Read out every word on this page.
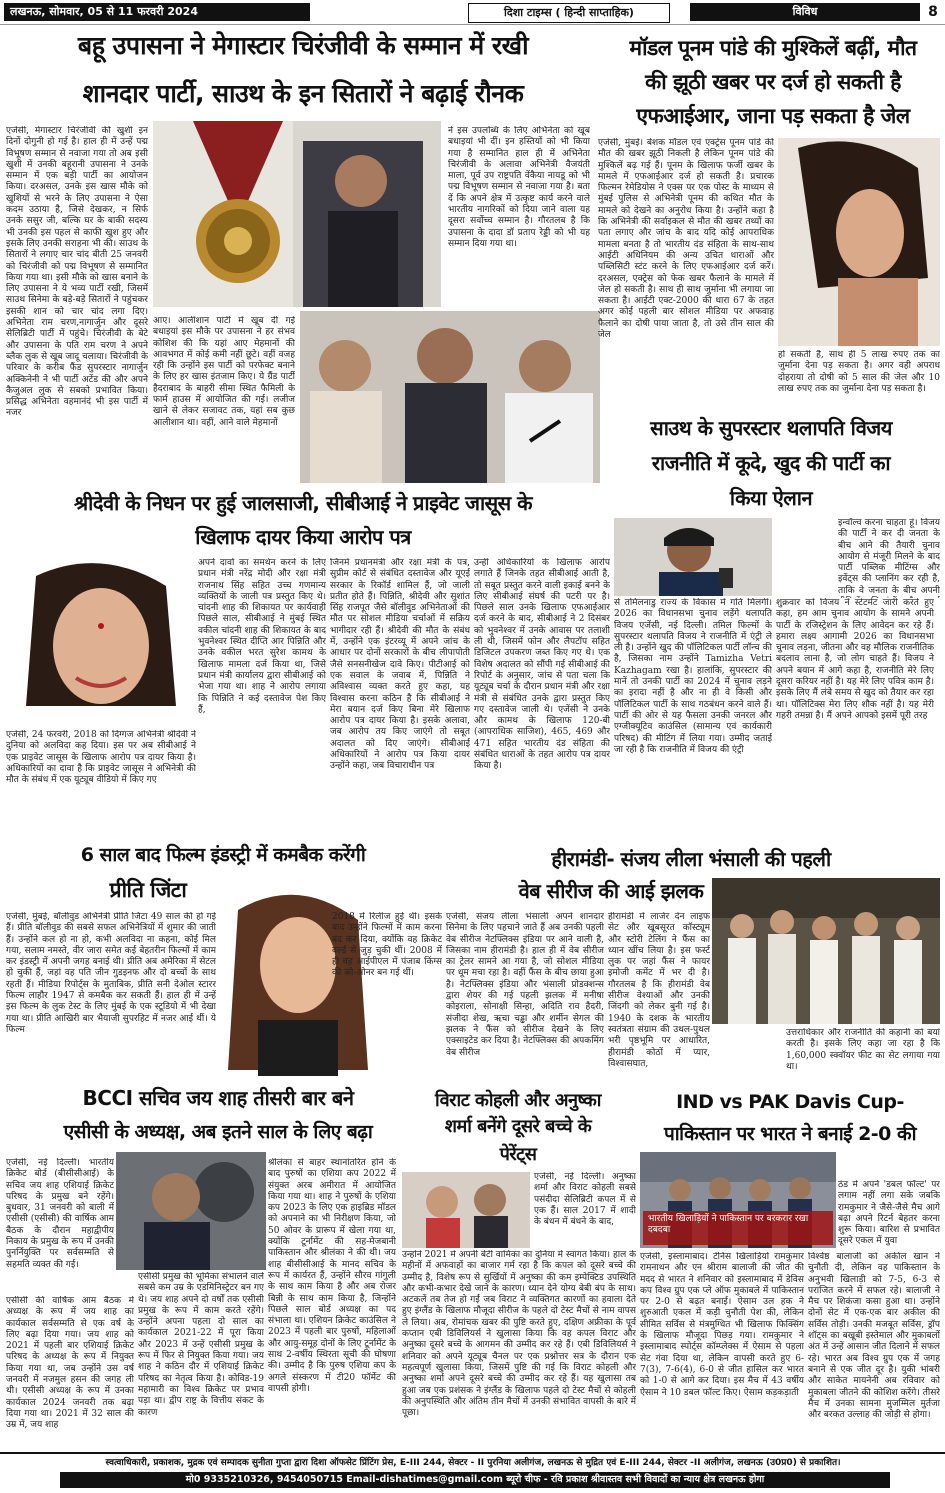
लखनऊ, सोमवार, 05 से 11 फरवरी 2024	दिशा टाइम्स ( हिन्दी साप्ताहिक)	विविध	8
बहू उपासना ने मेगास्टार चिरंजीवी के सम्मान में रखी
शानदार पार्टी, साउथ के इन सितारों ने बढ़ाई रौनक
एजेंसी, मेगास्टार चिरंजीवी की खुशी इन दिनों दोगुनी हो गई है। हाल ही में उन्हें पद्म विभूषण सम्मान से नवाजा गया तो अब इसी खुशी में उनकी बहूरानी उपासना ने उनके सम्मान में एक बड़ी पार्टी का आयोजन किया। दरअसल, उनके इस खास मौके को खुशियों से भरने के लिए उपासना ने ऐसा कदम उठाया है, जिसे देखकर, न सिर्फ उनके ससुर जी, बल्कि घर के बाकी सदस्य भी उनकी इस पहल से काफी खुश हुए और इसके लिए उनकी सराहना भी की। साउथ के सितारों ने लगाए चार चांद बीती 25 जनवरी को चिरंजीवी को पद्म विभूषण से सम्मानित किया गया था। इसी मौके को खास बनाने के लिए उपासना ने ये भव्य पार्टी रखी, जिसमें साउथ सिनेमा के बड़े-बड़े सितारों ने पहुंचकर इसकी शान को चार चांद लगा दिए। अभिनेता राम चरण,नागार्जुन और दूसरे सेलिब्रिटी पार्टी में पहुंचे। चिरंजीवी के बेटे और उपासना के पति राम चरण ने अपने ब्लैक लुक से खूब जादू चलाया। चिरंजीवी के परिवार के करीब फैंड सुपरस्टार नागार्जुन अक्किनेनी ने भी पार्टी अटेंड की और अपने कैजुअल लुक से सबको प्रभावित किया। प्रसिद्ध अभिनेता वहमानंदं भी इस पार्टी में नजर
ने इस उपलब्धि के लिए अभिनेता को खूब बधाइयां भी दीं। इन हस्तियों को भी किया गया है सम्मानित हाल ही में अभिनेता चिरंजीवी के अलावा अभिनेत्री वैजयंती माला, पूर्व उप राष्ट्रपति वेंकैया नायडू को भी पद्म विभूषण सम्मान से नवाजा गया है। बता दें कि अपने क्षेत्र में उत्कृष्ट कार्य करने वाले भारतीय नागरिकों को दिया जाने वाला यह दूसरा सर्वोच्च सम्मान है। गौरतलब है कि उपासना के दादा डॉ प्रताप रेड्डी को भी यह सम्मान दिया गया था।
आए। आलीशान पार्टी में खूब दी गई बधाइयां इस मौके पर उपासना ने हर संभव कोशिश की कि यहां आए मेहमानों की आवभगत में कोई कमी नहीं छूटे। वहीं वजह रही कि उन्होंने इस पार्टी को परफेक्ट बनाने के लिए हर खास इंतजाम किए। ये ग्रैंड पार्टी हैदराबाद के बाहरी सीमा स्थित फैमिली के फार्म हाउस में आयोजित की गई। लजीज खाने से लेकर सजावट तक, यहां सब कुछ आलीशान था। वहीं, आने वाले मेहमानों
मॉडल पूनम पांडे की मुश्किलें बढ़ीं, मौत
की झूठी खबर पर दर्ज हो सकती है
एफआईआर, जाना पड़ सकता है जेल
एजेंसी, मुंबई। बेशक मॉडल एवं एक्ट्रेस पूनम पांडे की मौत की खबर झूठी निकली है लेकिन पूनम पांडे की मुश्किलें बढ़ गई हैं। पूनम के खिलाफ फर्जी खबर के मामले में एफआईआर दर्ज हो सकती है। प्रचारक फिल्मन रेमेडियोस ने एक्स पर एक पोस्ट के माध्यम से मुंबई पुलिस से अभिनेत्री पूनम की कथित मौत के मामले को देखने का अनुरोध किया है। उन्होंने कहा है कि अभिनेत्री की सर्वाइकल से मौत की खबर तथ्यों का पता लगाए और जांच के बाद यदि कोई आपराधिक मामला बनता है तो भारतीय दंड संहिता के साथ-साथ आईटी अधिनियम की अन्य उचित धाराओं और पब्लिसिटी स्टंट करने के लिए एफआईआर दर्ज करें। दरअसल, एक्ट्रेस को फेक खबर फैलाने के मामले में जेल हो सकती है। साथ ही साथ जुर्माना भी लगाया जा सकता है। आईटी एक्ट-2000 की धारा 67 के तहत अगर कोई पहली बार सोशल मीडिया पर अफवाह फैलाने का दोषी पाया जाता है, तो उसे तीन साल की जेल
हो सकती है, साथ ही 5 लाख रुपए तक का जुर्माना देना पड़ सकता है। अगर वही अपराध दोहराया तो दोषी को 5 साल की जेल और 10 लाख रुपए तक का जुर्माना देना पड़ सकता है।
साउथ के सुपरस्टार थलापति विजय
राजनीति में कूदे, खुद की पार्टी का
किया ऐलान
से तमिलनाडु राज्य के विकास में गति मिलगी। 2026 का विधानसभा चुनाव लड़ेंगे थलापति विजय एजेंसी, नई दिल्ली। तमिल फिल्मों के सुपरस्टार थलापति विजय ने राजनीति में एंट्री ले ली है। उन्होंने खुद की पॉलिटिकल पार्टी लॉन्च की है, जिसका नाम उन्होंने Tamizha Vetri Kazhagam रखा है। हालांकि, सुपरस्टार की मानें तो उनकी पार्टी का 2024 में चुनाव लड़ने का इरादा नहीं है और ना ही वे किसी और पॉलिटिकल पार्टी के साथ गठबंधन करने वाले हैं। पार्टी की ओर से यह फैसला उनकी जनरल और एग्जीक्यूटिव काउंसिल (सामान्य एवं कार्यकारी परिषद) की मीटिंग में लिया गया। उम्मीद जताई जा रही है कि राजनीति में विजय की एंट्री
शुक्रवार को विजय ने स्टेटमेंट जारी करते हुए कहा, हम आम चुनाव आयोग के सामने अपनी पार्टी के रजिस्ट्रेशन के लिए आवेदन कर रहे हैं। हमारा लक्ष्य आगामी 2026 का विधानसभा चुनाव लड़ना, जीतना और वह मौलिक राजनीतिक बदलाव लाना है, जो लोग चाहते हैं। विजय ने अपने बयान में आगे कहा है, राजनीति मेरे लिए दूसरा करियर नहीं है। यह मेरे लिए पवित्र काम है। इसके लिए मैं लंबे समय से खुद को तैयार कर रहा था। पॉलिटिक्स मेरा लिए शौक नहीं है। यह मेरी गहरी तमन्ना है। मैं अपने आपको इसमें पूरी तरह
इन्वॉल्व करना चाहता हूं। विजय की पार्टी ने कर दी जनता के बीच आने की तैयारी चुनाव आयोग से मंजूरी मिलने के बाद पार्टी पब्लिक मीटिंग्स और इवेंट्स की प्लानिंग कर रही है, ताकि वे जनता के बीच अपनी
श्रीदेवी के निधन पर हुई जालसाजी, सीबीआई ने प्राइवेट जासूस के
खिलाफ दायर किया आरोप पत्र
एजेंसी, 24 फरवरी, 2018 को दिग्गज अभिनेत्री श्रीदेवी ने दुनिया को अलविदा कह दिया। इस पर अब सीबीआई ने एक प्राइवेट जासूस के खिलाफ आरोप पत्र दायर किया है। अधिकारियों का दावा है कि प्राइवेट जासूस ने अभिनेत्री की मौत के संबंध में एक यूट्यूब वीडियो में किए गए
अपने दावों का समर्थन करने के लिए प्रधान मंत्री नरेंद्र मोदी और रक्षा मंत्री राजनाथ सिंह सहित उच्च गणमान्य व्यक्तियों के जाली पत्र प्रस्तुत किए थे। चांदनी शाह की शिकायत पर कार्यवाही पिछले साल, सीबीआई ने मुंबई स्थित वकील चांदनी शाह की शिकायत के बाद भुवनेश्वर स्थित दीप्ति आर पिन्निति और उनके वकील भरत सुरेश कामथ के खिलाफ मामला दर्ज किया था, जिसे प्रधान मंत्री कार्यालय द्वारा सीबीआई को भेजा गया था। शाह ने आरोप लगाया कि पिन्निति ने कई दस्तावेज पेश किए हैं,
जिनमें प्रधानमंत्री और रक्षा मंत्री के पत्र, सुप्रीम कोर्ट से संबंधित दस्तावेज और यूएई सरकार के रिकॉर्ड शामिल हैं, जो जाली प्रतीत होते हैं। पिन्निति, श्रीदेवी और सुशांत सिंह राजपूत जैसे बॉलीवुड अभिनेताओं की मौत पर सोशल मीडिया चर्चाओं में सक्रिय भागीदार रही हैं। श्रीदेवी की मौत के संबंध में, उन्होंने एक इंटरव्यू में अपने जांच के आधार पर दोनों सरकारों के बीच लीपापोती जैसे सनसनीखेज दावे किए। पीटीआई को एक सवाल के जवाब में, पिन्निति ने अविश्वास व्यक्त करते हुए कहा, यह विश्वास करना कठिन है कि सीबीआई ने मेरा बयान दर्ज किए बिना मेरे खिलाफ आरोप पत्र दायर किया है। इसके अलावा, जब आरोप तय किए जाएंगे तो सबूत अदालत को दिए जाएंगे। सीबीआई अधिकारियों ने आरोप पत्र किया दायर उन्होंने कहा, जब विचाराधीन पत्र
उन्हीं अधिकारियों के खिलाफ आरोप लगाते हैं जिनके तहत सीबीआई आती है, तो सबूत प्रस्तुत करने वाली इकाई बनने के लिए सीबीआई संघर्ष की पटरी पर है। पिछले साल उनके खिलाफ एफआईआर दर्ज करने के बाद, सीबीआई ने 2 दिसंबर को भुवनेश्वर में उनके आवास पर तलाशी ली थी, जिसमें फोन और लैपटॉप सहित डिजिटल उपकरण जब्त किए गए थे। एक विशेष अदालत को सौंपी गई सीबीआई की रिपोर्ट के अनुसार, जांच से पता चला कि यूट्यूब चर्चा के दौरान प्रधान मंत्री और रक्षा मंत्री से संबंधित उनके द्वारा प्रस्तुत किए गए दस्तावेज जाली थे। एजेंसी ने उनके और कामथ के खिलाफ 120-बी (आपराधिक साजिश), 465, 469 और 471 सहित भारतीय दंड संहिता की संबंधित धाराओं के तहत आरोप पत्र दायर किया है।
6 साल बाद फिल्म इंडस्ट्री में कमबैक करेंगी
प्रीति जिंटा
एजेंसी, मुंबई, बॉलीवुड अभिनेत्री प्रीति जिंटा 49 साल की हो गई हैं। प्रीति बॉलीवुड की सबसे सफल अभिनेत्रियों में शुमार की जाती हैं। उन्होंने कल हो ना हो, कभी अलविदा ना कहना, कोई मिल गया, सलाम नमस्ते, वीर जारा समेत कई बेहतरीन फिल्मों में काम कर इंडस्ट्री में अपनी जगह बनाई थी। प्रीति अब अमेरिका में सेटल हो चुकी हैं, जहां वह पति जीन गुडइनफ और दो बच्चों के साथ रहती हैं। मीडिया रिपोर्ट्स के मुताबिक, प्रीति सनी देओल स्टारर फिल्म लाहौर 1947 से कमबैक कर सकती हैं। हाल ही में उन्हें इस फिल्म के लुक टेस्ट के लिए मुंबई के एक स्टूडियो में भी देखा गया था। प्रीति आखिरी बार भैयाजी सुपरहिट में नजर आई थीं। ये फिल्म
2018 में रिलीज हुई थी। इसके बाद उन्होंने फिल्मों में काम करना बंद कर दिया, क्योंकि वह क्रिकेट वर्ल्ड से जुड़ चुकी थीं। 2008 में ही वह आईपीएल में पंजाब किंग्स की को-ओनर बन गई थीं।
हीरामंडी- संजय लीला भंसाली की पहली
वेब सीरीज की आई झलक
एजेंसी, संजय लीला भंसाली अपने शानदार सिनेमा के लिए पहचाने जाते हैं अब उनकी पहली वेब सीरीज नेटफ्लिक्स इंडिया पर आने वाली है, जिसका नाम हीरामंडी है। हाल ही में वेब सीरीज का ट्रेलर सामने आ गया है, जो सोशल मीडिया पर धूम मचा रहा है। वहीं फैंस के बीच छाया हुआ है। नेटफ्लिक्स इंडिया और भंसाली प्रोडक्शन्स द्वारा शेयर की गई पहली झलक में मनीषा कोइराला, सोनाक्षी सिन्हा, अदिति राव हैदरी, संजीदा शेख, ऋचा चड्ढा और शर्मीन सेगल की झलक ने फैंस को सीरीज देखने के लिए एक्साइटेड कर दिया है। नेटफ्लिक्स की अपकमिंग वेब सीरीज
हीरामंडी में लार्जर देन लाइफ सेट और खूबसूरत कॉस्ट्यूम और स्टोरी टेलिंग ने फैंस का ध्यान खींच लिया है। इस फर्स्ट लुक पर जहां फैंस ने फायर इमोजी कमेंट में भर दी है। गौरतलब है कि हीरामंडी वेब सीरीज वेश्याओं और उनकी जिंदगी को लेकर बुनी गई है। 1940 के दशक के भारतीय स्वतंत्रता संग्राम की उथल-पुथल भरी पृष्ठभूमि पर आधारित, हीरामंडी कोठों में प्यार, विश्वासघात,
उत्तराधिकार और राजनीति की कहानी को बयां करती है। इसके लिए कहा जा रहा है कि 1,60,000 स्क्वॉयर फीट का सेट लगाया गया था।
BCCI सचिव जय शाह तीसरी बार बने
एसीसी के अध्यक्ष, अब इतने साल के लिए बढ़ा
एजेंसी, नई दिल्ली। भारतीय क्रिकेट बोर्ड (बीसीसीआई) के सचिव जय शाह एशियाई क्रिकेट परिषद के प्रमुख बने रहेंगे। बुधवार, 31 जनवरी को बाली में एसीसी (एसीसी) की वार्षिक आम बैठक के दौरान महाद्वीपीय निकाय के प्रमुख के रूप में उनकी पुनर्नियुक्ति पर सर्वसम्मति से सहमति व्यक्त की गई।
एसीसी की वार्षिक आम बैठक में अध्यक्ष के रूप में जय शाह का कार्यकाल सर्वसम्मति से एक वर्ष के लिए बढ़ा दिया गया। जय शाह को 2021 में पहली बार एशियाई क्रिकेट परिषद के अध्यक्ष के रूप में नियुक्त किया गया था, जब उन्होंने उस वर्ष जनवरी में नजमुल हसन की जगह ली थी। एसीसी अध्यक्ष के रूप में उनका कार्यकाल 2024 जनवरी तक बढ़ा दिया गया था। 2021 में 32 साल की उम्र में, जय शाह
एसीसी प्रमुख की भूमिका संभालने वाले सबसे कम उम्र के एडमिनिस्ट्रेटर बन गए थे। जय शाह अपने दो वर्षों तक एसीसी प्रमुख के रूप में काम करते रहेंगे। उन्होंने अपना पहला दो साल का कार्यकाल 2021-22 में पूरा किया और 2023 में उन्हें एसीसी प्रमुख के रूप में फिर से नियुक्त किया गया। जय शाह ने कठिन दौर में एशियाई क्रिकेट परिषद का नेतृत्व किया है। कोविड-19 महामारी का विश्व क्रिकेट पर प्रभाव पड़ा था। द्वीप राष्ट्र के वित्तीय संकट के कारण
श्रीलंका से बाहर स्थानांतरित होने के बाद पुरुषों का एशिया कप 2022 में संयुक्त अरब अमीरात में आयोजित किया गया था। शाह ने पुरुषों के एशिया कप 2023 के लिए एक हाइब्रिड मॉडल को अपनाने का भी निरीक्षण किया, जो 50 ओवर के प्रारूप में खेला गया था, क्योंकि टूर्नामेंट की सह-मेजबानी पाकिस्तान और श्रीलंका ने की थी। जय शाह बीसीसीआई के मानद सचिव के रूप में कार्यरत हैं, उन्होंने सौरव गांगुली के साथ काम किया है और अब रोजर बिन्नी के साथ काम किया है, जिन्होंने पिछले साल बोर्ड अध्यक्ष का पद संभाला था। एशियन क्रिकेट काउंसिल ने 2023 में पहली बार पुरुषों, महिलाओं और आयु-समूह दोनों के लिए टूर्नामेंट के साथ 2-वर्षीय स्थिरता सूची की घोषणा की। उम्मीद है कि पुरुष एशिया कप के अगले संस्करण में टी20 फॉर्मेट की वापसी होगी।
विराट कोहली और अनुष्का
शर्मा बनेंगे दूसरे बच्चे के
पेरेंट्स
एजेंसी, नई दिल्ली। अनुष्का शर्मा और विराट कोहली सबसे पसंदीदा सेलिब्रिटी कपल में से एक हैं। साल 2017 में शादी के बंधन में बंधने के बाद,
उन्होंने 2021 में अपनी बेटी वामिका का दुनिया में स्वागत किया। हाल के महीनों में अफवाहों का बाजार गर्म रहा है कि कपल को दूसरे बच्चे की उम्मीद है, विशेष रूप से सुर्खियों में अनुष्का की कम इम्पेक्टिड उपस्थिति और कभी-कभार देखे जाने के कारण। ध्यान देने योग्य बेबी बंप के साथ। अटकलें तब तेज हो गईं जब विराट ने व्यक्तिगत कारणों का हवाला देते हुए इंग्लैंड के खिलाफ मौजूदा सीरीज के पहले दो टेस्ट मैचों से नाम वापस ले लिया। अब, रोमांचक खबर की पुष्टि करते हुए, दक्षिण अफ्रीका के पूर्व कप्तान एबी डिविलियर्स ने खुलासा किया कि वह कपल विराट और अनुष्का दूसरे बच्चे के आगमन की उम्मीद कर रहे हैं। एबी डिविलियर्स ने शनिवार को अपने यूट्यूब चैनल पर एक प्रश्नोत्तर सत्र के दौरान एक महत्वपूर्ण खुलासा किया, जिसमें पुष्टि की गई कि विराट कोहली और अनुष्का शर्मा अपने दूसरे बच्चे की उम्मीद कर रहे हैं। यह खुलासा तब हुआ जब एक प्रशंसक ने इंग्लैंड के खिलाफ पहले दो टेस्ट मैचों से कोहली की अनुपस्थिति और अंतिम तीन मैचों में उनकी संभावित वापसी के बारे में पूछा।
IND vs PAK Davis Cup-
पाकिस्तान पर भारत ने बनाई 2-0 की
भारतीय खिलाड़ियों ने पाकिस्तान पर बरकरार रखा दबदबा
ठंड में अपने 'डबल फॉल्ट' पर लगाम नहीं लगा सके जबकि रामकुमार ने जैसे-जैसे मैच आगे बढ़ा अपने रिटर्न बेहतर करना शुरू किया। बारिश से प्रभावित दूसरे एकल में युवा
एजेंसी, इस्लामाबाद। टेनिस खिलाड़ियों रामकुमार रामनाथन और एन श्रीराम बालाजी की जीत की मदद से भारत ने शनिवार को इस्लामाबाद में डेविस कप विश्व ग्रुप एक प्ले ऑफ मुकाबले में पाकिस्तान पर 2-0 से बढ़त बनाई। ऐसाम उल हक ने शुरुआती एकल में कड़ी चुनौती पेश की, लेकिन सीमित सर्विस से मंत्रमुग्धित भी खिलाफ फिक्सिंग के खिलाफ मौजूदा पिछड़ गया। रामकुमार ने इस्लामाबाद स्पोर्ट्स कॉम्प्लेक्स में ऐसाम से पहला सेट गंवा दिया था, लेकिन वापसी करते हुए 6-7(3), 7-6(4), 6-0 से जीत हासिल कर भारत को 1-0 से आगे कर दिया। इस मैच में 43 वर्षीय ऐसाम ने 10 डबल फॉल्ट किए। ऐसाम कड़कड़ाती
विश्वेष्ठ बालाजी को अकील खान ने चुनौती दी, लेकिन वह पाकिस्तान के अनुभवी खिलाड़ी को 7-5, 6-3 से पराजित करने में सफल रहे। बालाजी ने मैच पर शिकंजा कसा हुआ था। उन्होंने दोनों सेट में एक-एक बार अकील की सर्विस तोड़ी। उनकी मजबूत सर्विस, ड्रॉप शॉट्स का बखूबी इस्तेमाल और मुकाबलों अंत में उन्हें आसान जीत दिलाने में सफल रहे। भारत अब विश्व ग्रुप एक में जगह बनाने से एक जीत दूर है। युकी भांबरी और साकेत मायनेनी अब रविवार को मुकाबला जीतने की कोशिश करेंगे। तीसरे मैच में उनका सामना मुजम्मिल मुर्तजा और बरकत उल्लाह की जोड़ी से होगा।
स्वत्वाधिकारी, प्रकाशक, मुद्रक एवं सम्पादक सुनीता गुप्ता द्वारा दिशा ऑफसेट प्रिंटिंग प्रेस, E-III 244, सेक्टर - II पुरनिया अलीगंज, लखनऊ से मुद्रित एवं E-III 244, सेक्टर -II अलीगंज, लखनऊ (उ0प्र0) से प्रकाशित।
मो0 9335210326, 9454050715 Email-dishatimes@gmail.com ब्यूरो चीफ - रवि प्रकाश श्रीवास्तव सभी विवादों का न्याय क्षेत्र लखनऊ होगा
